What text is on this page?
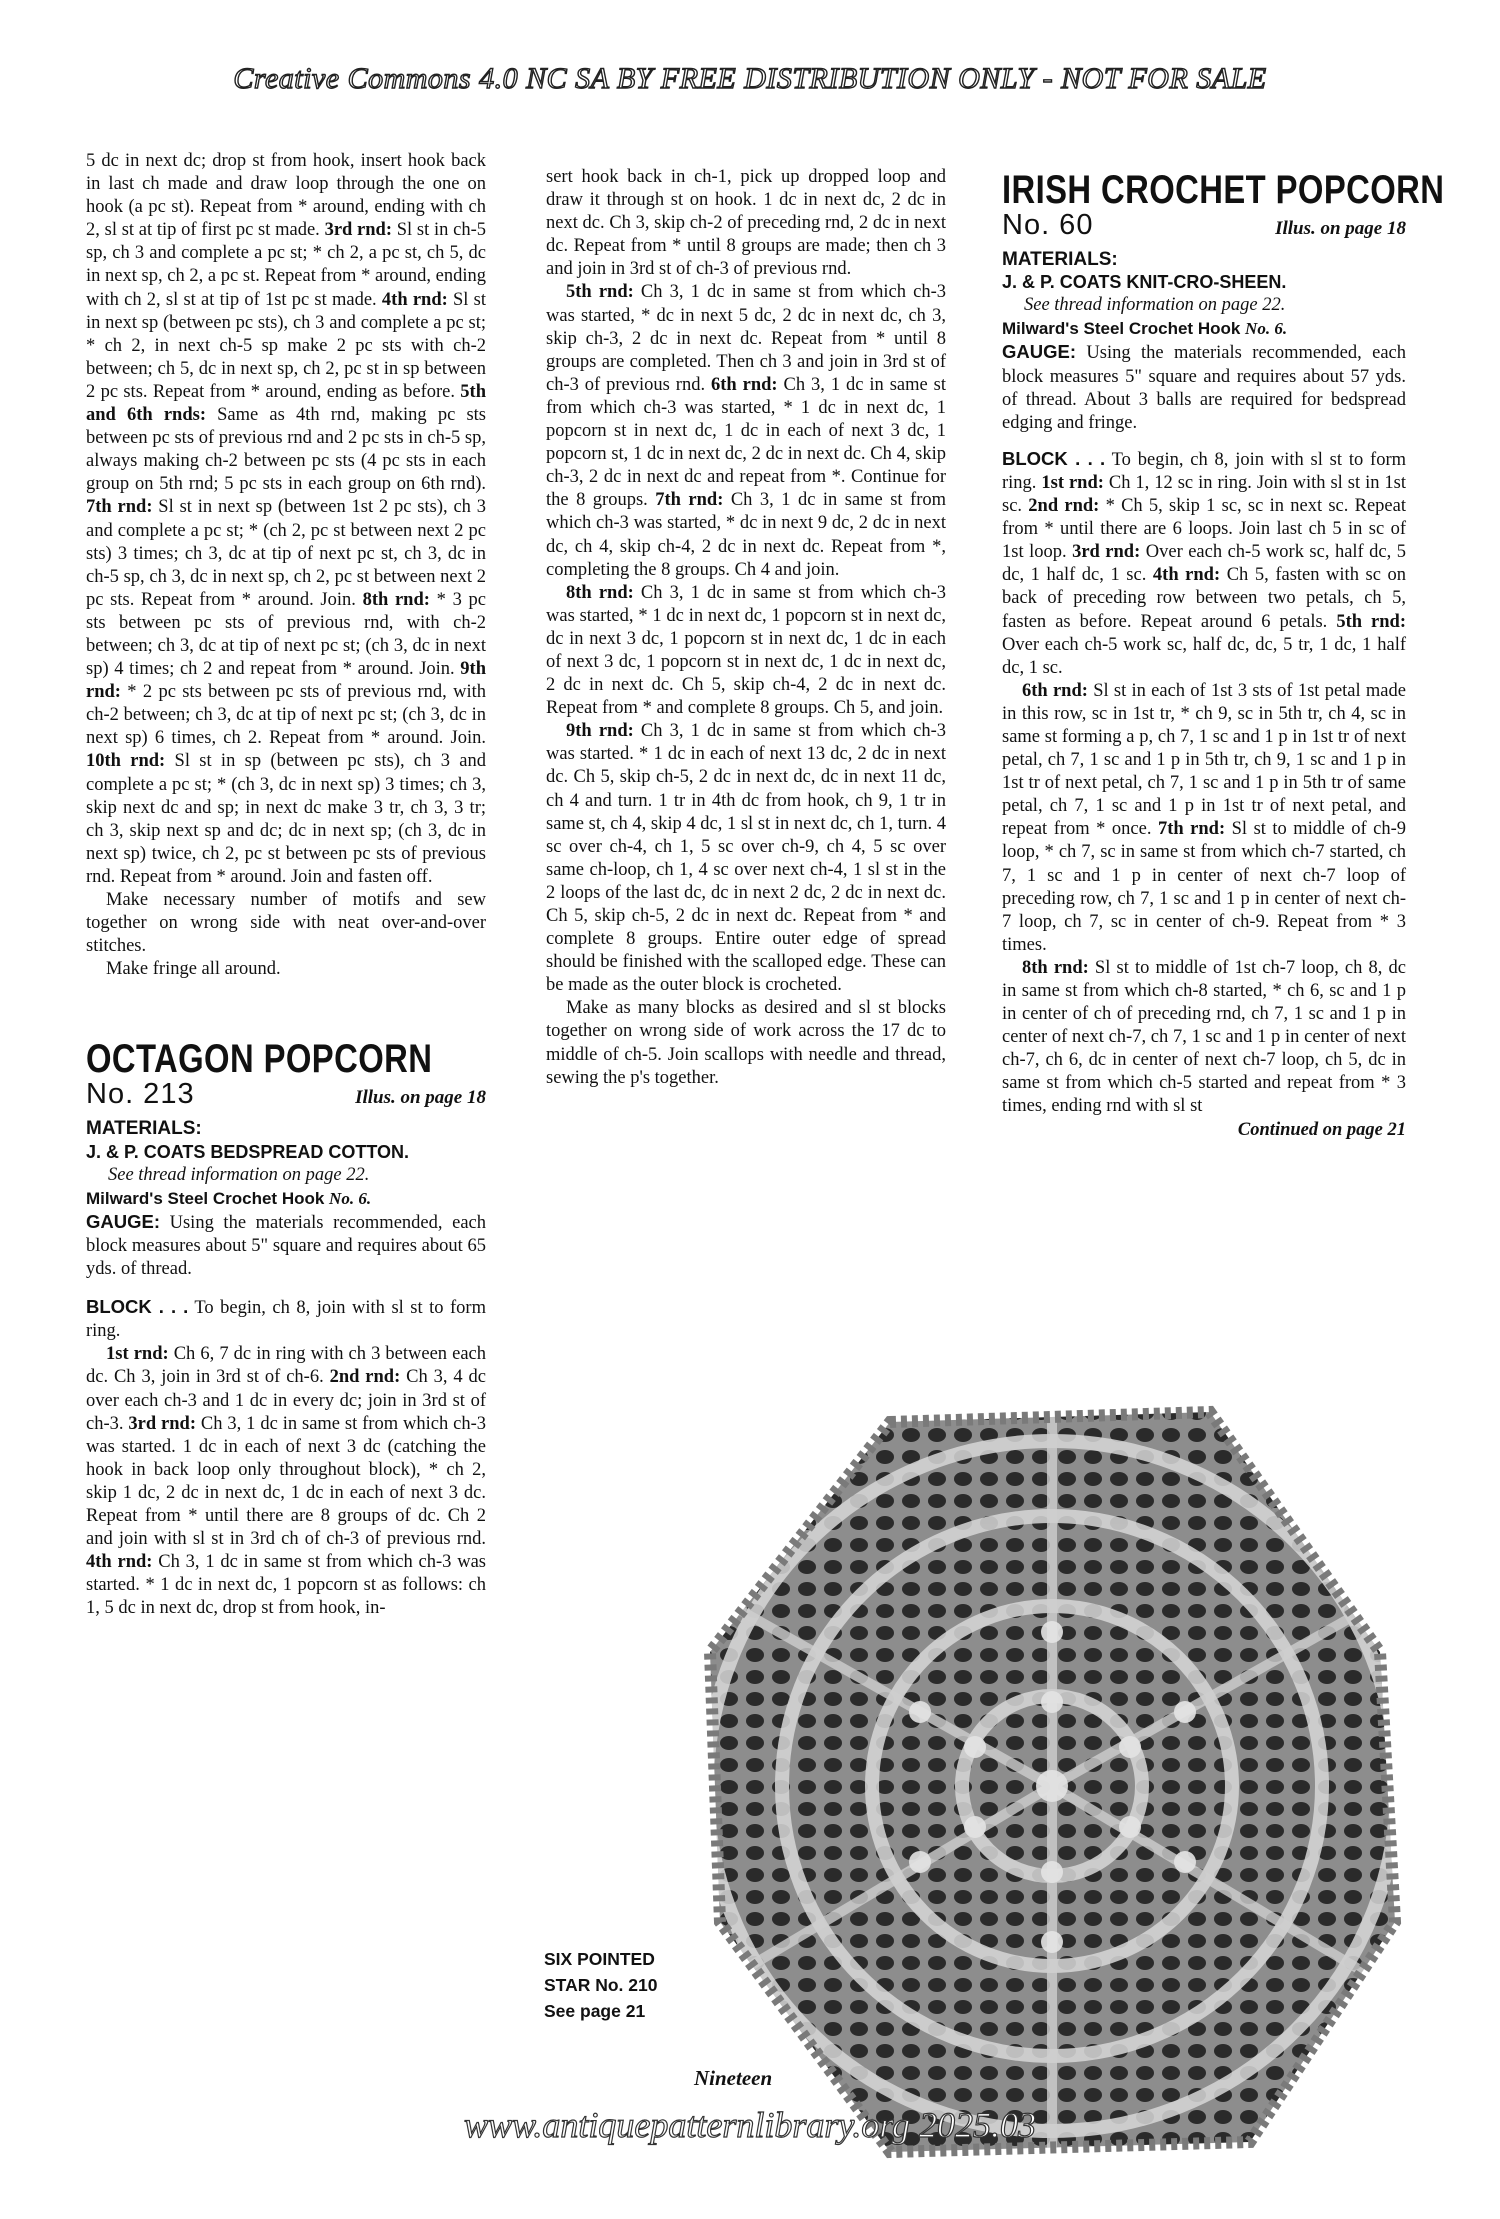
Creative Commons 4.0 NC SA BY FREE DISTRIBUTION ONLY - NOT FOR SALE

5 dc in next dc; drop st from hook, insert hook back in last ch made and draw loop through the one on hook (a pc st). Repeat from * around, ending with ch 2, sl st at tip of first pc st made. 3rd rnd: Sl st in ch-5 sp, ch 3 and complete a pc st; * ch 2, a pc st, ch 5, dc in next sp, ch 2, a pc st. Repeat from * around, ending with ch 2, sl st at tip of 1st pc st made. 4th rnd: Sl st in next sp (between pc sts), ch 3 and complete a pc st; * ch 2, in next ch-5 sp make 2 pc sts with ch-2 between; ch 5, dc in next sp, ch 2, pc st in sp between 2 pc sts. Repeat from * around, ending as before. 5th and 6th rnds: Same as 4th rnd, making pc sts between pc sts of previous rnd and 2 pc sts in ch-5 sp, always making ch-2 between pc sts (4 pc sts in each group on 5th rnd; 5 pc sts in each group on 6th rnd). 7th rnd: Sl st in next sp (between 1st 2 pc sts), ch 3 and complete a pc st; * (ch 2, pc st between next 2 pc sts) 3 times; ch 3, dc at tip of next pc st, ch 3, dc in ch-5 sp, ch 3, dc in next sp, ch 2, pc st between next 2 pc sts. Repeat from * around. Join. 8th rnd: * 3 pc sts between pc sts of previous rnd, with ch-2 between; ch 3, dc at tip of next pc st; (ch 3, dc in next sp) 4 times; ch 2 and repeat from * around. Join. 9th rnd: * 2 pc sts between pc sts of previous rnd, with ch-2 between; ch 3, dc at tip of next pc st; (ch 3, dc in next sp) 6 times, ch 2. Repeat from * around. Join. 10th rnd: Sl st in sp (between pc sts), ch 3 and complete a pc st; * (ch 3, dc in next sp) 3 times; ch 3, skip next dc and sp; in next dc make 3 tr, ch 3, 3 tr; ch 3, skip next sp and dc; dc in next sp; (ch 3, dc in next sp) twice, ch 2, pc st between pc sts of previous rnd. Repeat from * around. Join and fasten off.

Make necessary number of motifs and sew together on wrong side with neat over-and-over stitches.

Make fringe all around.

OCTAGON POPCORN
No. 213	Illus. on page 18

MATERIALS:

J. & P. COATS BEDSPREAD COTTON.

See thread information on page 22.

Milward's Steel Crochet Hook No. 6.

GAUGE: Using the materials recommended, each block measures about 5" square and requires about 65 yds. of thread.

BLOCK . . . To begin, ch 8, join with sl st to form ring.

1st rnd: Ch 6, 7 dc in ring with ch 3 between each dc. Ch 3, join in 3rd st of ch-6. 2nd rnd: Ch 3, 4 dc over each ch-3 and 1 dc in every dc; join in 3rd st of ch-3. 3rd rnd: Ch 3, 1 dc in same st from which ch-3 was started. 1 dc in each of next 3 dc (catching the hook in back loop only throughout block), * ch 2, skip 1 dc, 2 dc in next dc, 1 dc in each of next 3 dc. Repeat from * until there are 8 groups of dc. Ch 2 and join with sl st in 3rd ch of ch-3 of previous rnd. 4th rnd: Ch 3, 1 dc in same st from which ch-3 was started. * 1 dc in next dc, 1 popcorn st as follows: ch 1, 5 dc in next dc, drop st from hook, in-

sert hook back in ch-1, pick up dropped loop and draw it through st on hook. 1 dc in next dc, 2 dc in next dc. Ch 3, skip ch-2 of preceding rnd, 2 dc in next dc. Repeat from * until 8 groups are made; then ch 3 and join in 3rd st of ch-3 of previous rnd.

5th rnd: Ch 3, 1 dc in same st from which ch-3 was started, * dc in next 5 dc, 2 dc in next dc, ch 3, skip ch-3, 2 dc in next dc. Repeat from * until 8 groups are completed. Then ch 3 and join in 3rd st of ch-3 of previous rnd. 6th rnd: Ch 3, 1 dc in same st from which ch-3 was started, * 1 dc in next dc, 1 popcorn st in next dc, 1 dc in each of next 3 dc, 1 popcorn st, 1 dc in next dc, 2 dc in next dc. Ch 4, skip ch-3, 2 dc in next dc and repeat from *. Continue for the 8 groups. 7th rnd: Ch 3, 1 dc in same st from which ch-3 was started, * dc in next 9 dc, 2 dc in next dc, ch 4, skip ch-4, 2 dc in next dc. Repeat from *, completing the 8 groups. Ch 4 and join.

8th rnd: Ch 3, 1 dc in same st from which ch-3 was started, * 1 dc in next dc, 1 popcorn st in next dc, dc in next 3 dc, 1 popcorn st in next dc, 1 dc in each of next 3 dc, 1 popcorn st in next dc, 1 dc in next dc, 2 dc in next dc. Ch 5, skip ch-4, 2 dc in next dc. Repeat from * and complete 8 groups. Ch 5, and join.

9th rnd: Ch 3, 1 dc in same st from which ch-3 was started. * 1 dc in each of next 13 dc, 2 dc in next dc. Ch 5, skip ch-5, 2 dc in next dc, dc in next 11 dc, ch 4 and turn. 1 tr in 4th dc from hook, ch 9, 1 tr in same st, ch 4, skip 4 dc, 1 sl st in next dc, ch 1, turn. 4 sc over ch-4, ch 1, 5 sc over ch-9, ch 4, 5 sc over same ch-loop, ch 1, 4 sc over next ch-4, 1 sl st in the 2 loops of the last dc, dc in next 2 dc, 2 dc in next dc. Ch 5, skip ch-5, 2 dc in next dc. Repeat from * and complete 8 groups. Entire outer edge of spread should be finished with the scalloped edge. These can be made as the outer block is crocheted.

Make as many blocks as desired and sl st blocks together on wrong side of work across the 17 dc to middle of ch-5. Join scallops with needle and thread, sewing the p's together.

IRISH CROCHET POPCORN
No. 60	Illus. on page 18

MATERIALS:

J. & P. COATS KNIT-CRO-SHEEN.

See thread information on page 22.

Milward's Steel Crochet Hook No. 6.

GAUGE: Using the materials recommended, each block measures 5" square and requires about 57 yds. of thread. About 3 balls are required for bedspread edging and fringe.

BLOCK . . . To begin, ch 8, join with sl st to form ring. 1st rnd: Ch 1, 12 sc in ring. Join with sl st in 1st sc. 2nd rnd: * Ch 5, skip 1 sc, sc in next sc. Repeat from * until there are 6 loops. Join last ch 5 in sc of 1st loop. 3rd rnd: Over each ch-5 work sc, half dc, 5 dc, 1 half dc, 1 sc. 4th rnd: Ch 5, fasten with sc on back of preceding row between two petals, ch 5, fasten as before. Repeat around 6 petals. 5th rnd: Over each ch-5 work sc, half dc, dc, 5 tr, 1 dc, 1 half dc, 1 sc.

6th rnd: Sl st in each of 1st 3 sts of 1st petal made in this row, sc in 1st tr, * ch 9, sc in 5th tr, ch 4, sc in same st forming a p, ch 7, 1 sc and 1 p in 1st tr of next petal, ch 7, 1 sc and 1 p in 5th tr, ch 9, 1 sc and 1 p in 1st tr of next petal, ch 7, 1 sc and 1 p in 5th tr of same petal, ch 7, 1 sc and 1 p in 1st tr of next petal, and repeat from * once. 7th rnd: Sl st to middle of ch-9 loop, * ch 7, sc in same st from which ch-7 started, ch 7, 1 sc and 1 p in center of next ch-7 loop of preceding row, ch 7, 1 sc and 1 p in center of next ch-7 loop, ch 7, sc in center of ch-9. Repeat from * 3 times.

8th rnd: Sl st to middle of 1st ch-7 loop, ch 8, dc in same st from which ch-8 started, * ch 6, sc and 1 p in center of ch of preceding rnd, ch 7, 1 sc and 1 p in center of next ch-7, ch 7, 1 sc and 1 p in center of next ch-7, ch 6, dc in center of next ch-7 loop, ch 5, dc in same st from which ch-5 started and repeat from * 3 times, ending rnd with sl st

Continued on page 21

SIX POINTED
STAR No. 210
See page 21
Nineteen
www.antiquepatternlibrary.org 2025.03
